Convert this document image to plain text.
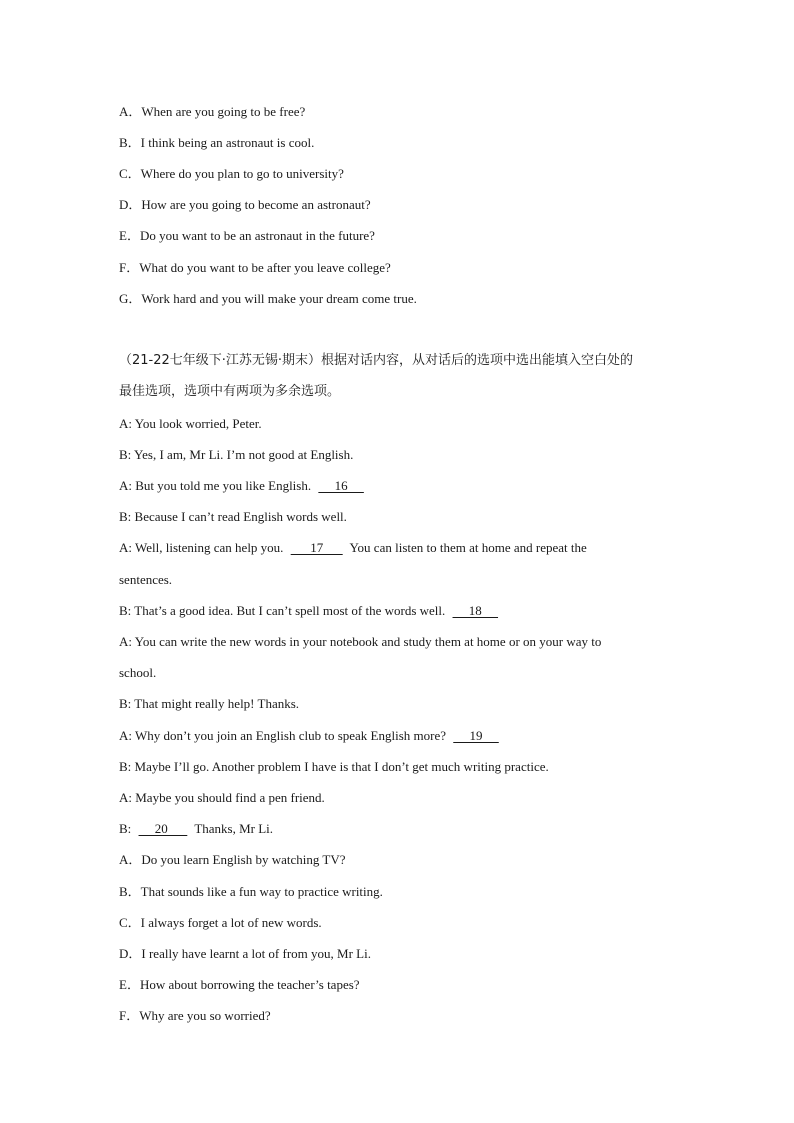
A．When are you going to be free?
B．I think being an astronaut is cool.
C．Where do you plan to go to university?
D．How are you going to become an astronaut?
E．Do you want to be an astronaut in the future?
F．What do you want to be after you leave college?
G．Work hard and you will make your dream come true.
（21-22七年级下·江苏无锡·期末）根据对话内容，从对话后的选项中选出能填入空白处的
最佳选项，选项中有两项为多余选项。
A: You look worried, Peter.
B: Yes, I am, Mr Li. I’m not good at English.
A: But you told me you like English.      16
B: Because I can’t read English words well.
A: Well, listening can help you.       17       You can listen to them at home and repeat the
sentences.
B: That’s a good idea. But I can’t spell most of the words well.      18
A: You can write the new words in your notebook and study them at home or on your way to
school.
B: That might really help! Thanks.
A: Why don’t you join an English club to speak English more?      19
B: Maybe I’ll go. Another problem I have is that I don’t get much writing practice.
A: Maybe you should find a pen friend.
B:      20       Thanks, Mr Li.
A．Do you learn English by watching TV?
B．That sounds like a fun way to practice writing.
C．I always forget a lot of new words.
D．I really have learnt a lot of from you, Mr Li.
E．How about borrowing the teacher’s tapes?
F．Why are you so worried?
